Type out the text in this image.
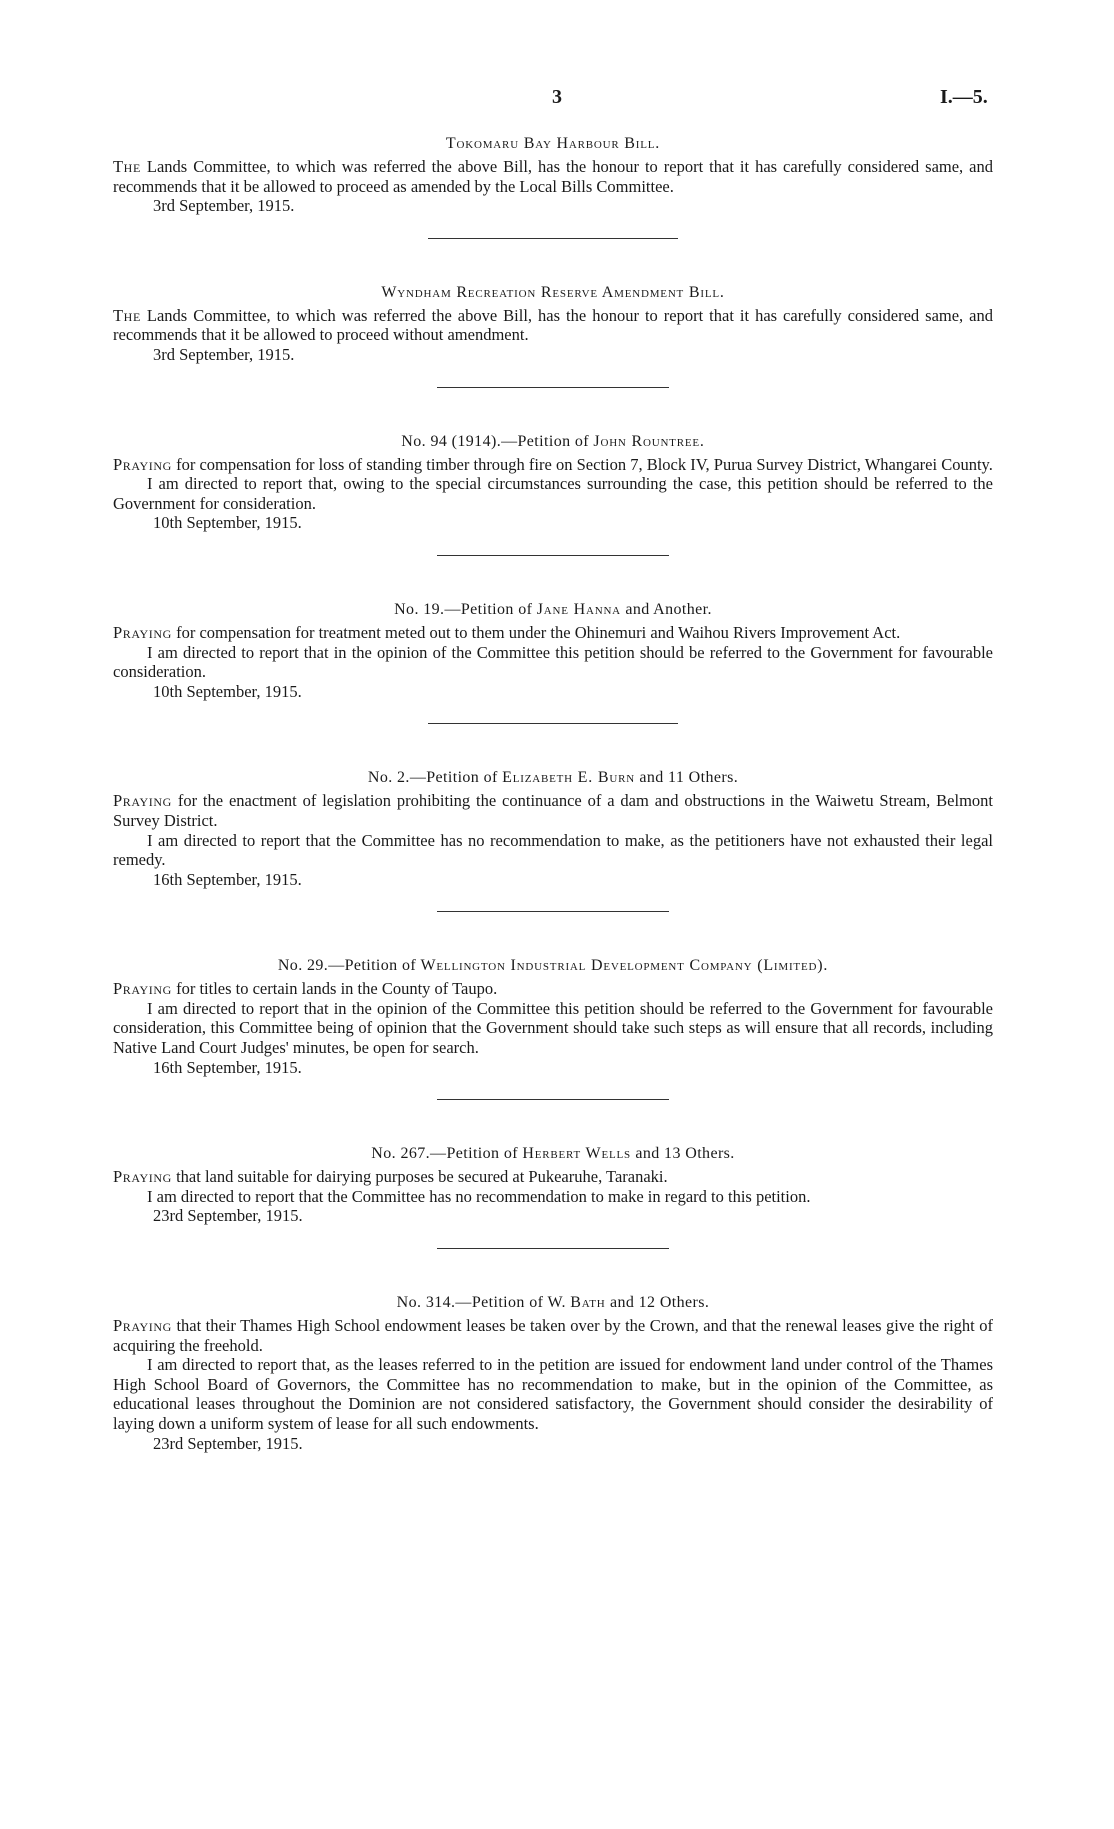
3	I.—5.

Tokomaru Bay Harbour Bill.

The Lands Committee, to which was referred the above Bill, has the honour to report that it has carefully considered same, and recommends that it be allowed to proceed as amended by the Local Bills Committee.

3rd September, 1915.

Wyndham Recreation Reserve Amendment Bill.

The Lands Committee, to which was referred the above Bill, has the honour to report that it has carefully considered same, and recommends that it be allowed to proceed without amendment.

3rd September, 1915.

No. 94 (1914).—Petition of John Rountree.

Praying for compensation for loss of standing timber through fire on Section 7, Block IV, Purua Survey District, Whangarei County.

I am directed to report that, owing to the special circumstances surrounding the case, this petition should be referred to the Government for consideration.

10th September, 1915.

No. 19.—Petition of Jane Hanna and Another.

Praying for compensation for treatment meted out to them under the Ohinemuri and Waihou Rivers Improvement Act.

I am directed to report that in the opinion of the Committee this petition should be referred to the Government for favourable consideration.

10th September, 1915.

No. 2.—Petition of Elizabeth E. Burn and 11 Others.

Praying for the enactment of legislation prohibiting the continuance of a dam and obstructions in the Waiwetu Stream, Belmont Survey District.

I am directed to report that the Committee has no recommendation to make, as the petitioners have not exhausted their legal remedy.

16th September, 1915.

No. 29.—Petition of Wellington Industrial Development Company (Limited).

Praying for titles to certain lands in the County of Taupo.

I am directed to report that in the opinion of the Committee this petition should be referred to the Government for favourable consideration, this Committee being of opinion that the Government should take such steps as will ensure that all records, including Native Land Court Judges' minutes, be open for search.

16th September, 1915.

No. 267.—Petition of Herbert Wells and 13 Others.

Praying that land suitable for dairying purposes be secured at Pukearuhe, Taranaki.

I am directed to report that the Committee has no recommendation to make in regard to this petition.

23rd September, 1915.

No. 314.—Petition of W. Bath and 12 Others.

Praying that their Thames High School endowment leases be taken over by the Crown, and that the renewal leases give the right of acquiring the freehold.

I am directed to report that, as the leases referred to in the petition are issued for endowment land under control of the Thames High School Board of Governors, the Committee has no recommendation to make, but in the opinion of the Committee, as educational leases throughout the Dominion are not considered satisfactory, the Government should consider the desirability of laying down a uniform system of lease for all such endowments.

23rd September, 1915.
